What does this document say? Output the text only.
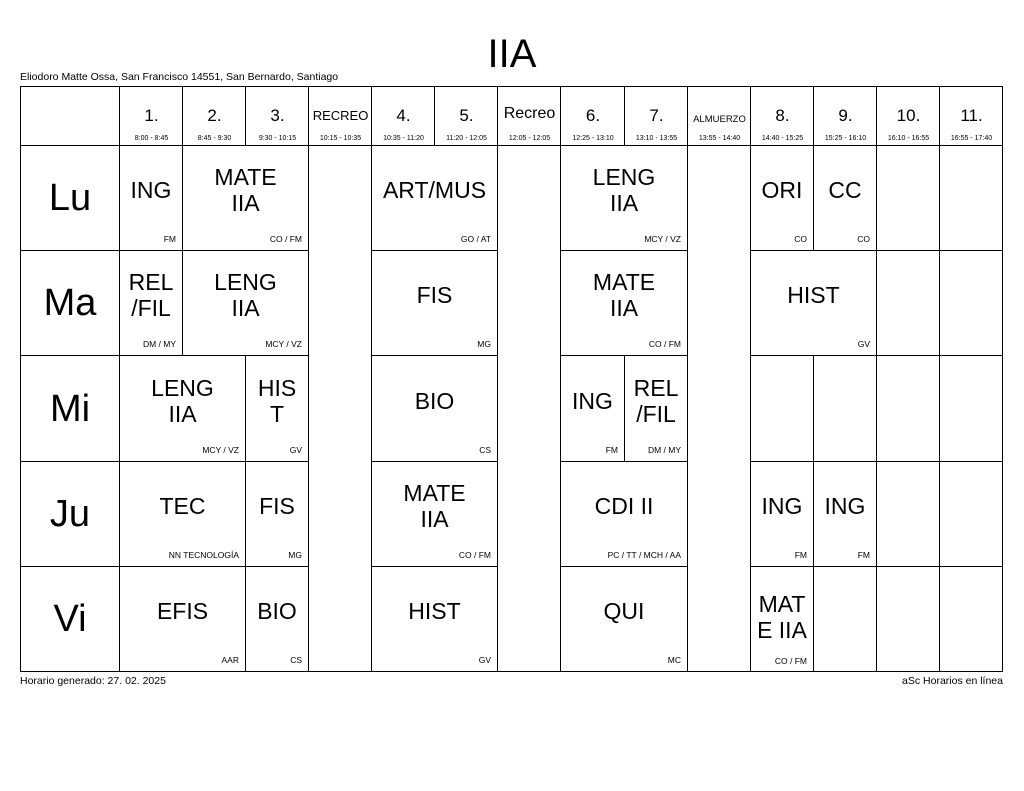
IIA
Eliodoro Matte Ossa, San Francisco 14551, San Bernardo, Santiago
1.
8:00 - 8:45
2.
8:45 - 9:30
3.
9:30 - 10:15
RECREO
10:15 - 10:35
4.
10:35 - 11:20
5.
11:20 - 12:05
Recreo
12:05 - 12:05
6.
12:25 - 13:10
7.
13:10 - 13:55
ALMUERZO
13:55 - 14:40
8.
14:40 - 15:25
9.
15:25 - 16:10
10.
16:10 - 16:55
11.
16:55 - 17:40
Lu
Ma
Mi
Ju
Vi
ING
FM
MATE IIA
CO / FM
ART/MUS
GO / AT
LENG IIA
MCY / VZ
ORI
CO
CC
CO
REL /FIL
DM / MY
LENG IIA
MCY / VZ
FIS
MG
MATE IIA
CO / FM
HIST
GV
LENG IIA
MCY / VZ
HIST
GV
BIO
CS
ING
FM
REL /FIL
DM / MY
TEC
NN TECNOLOGÍA
FIS
MG
MATE IIA
CO / FM
CDI II
PC / TT / MCH / AA
ING
FM
ING
FM
EFIS
AAR
BIO
CS
HIST
GV
QUI
MC
MATE IIA
CO / FM
Horario generado: 27. 02. 2025	aSc Horarios en línea
